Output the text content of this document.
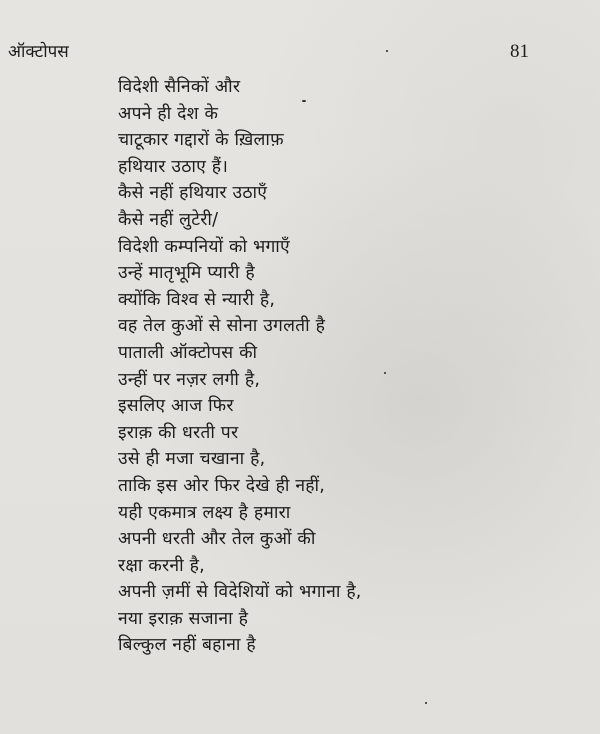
ऑक्टोपस	81
विदेशी सैनिकों और
अपने ही देश के
चाटूकार गद्दारों के ख़िलाफ़
हथियार उठाए हैं।
कैसे नहीं हथियार उठाएँ
कैसे नहीं लुटेरी/
विदेशी कम्पनियों को भगाएँ
उन्हें मातृभूमि प्यारी है
क्योंकि विश्व से न्यारी है,
वह तेल कुओं से सोना उगलती है
पाताली ऑक्टोपस की
उन्हीं पर नज़र लगी है,
इसलिए आज फिर
इराक़ की धरती पर
उसे ही मजा चखाना है,
ताकि इस ओर फिर देखे ही नहीं,
यही एकमात्र लक्ष्य है हमारा
अपनी धरती और तेल कुओं की
रक्षा करनी है,
अपनी ज़मीं से विदेशियों को भगाना है,
नया इराक़ सजाना है
बिल्कुल नहीं बहाना है
